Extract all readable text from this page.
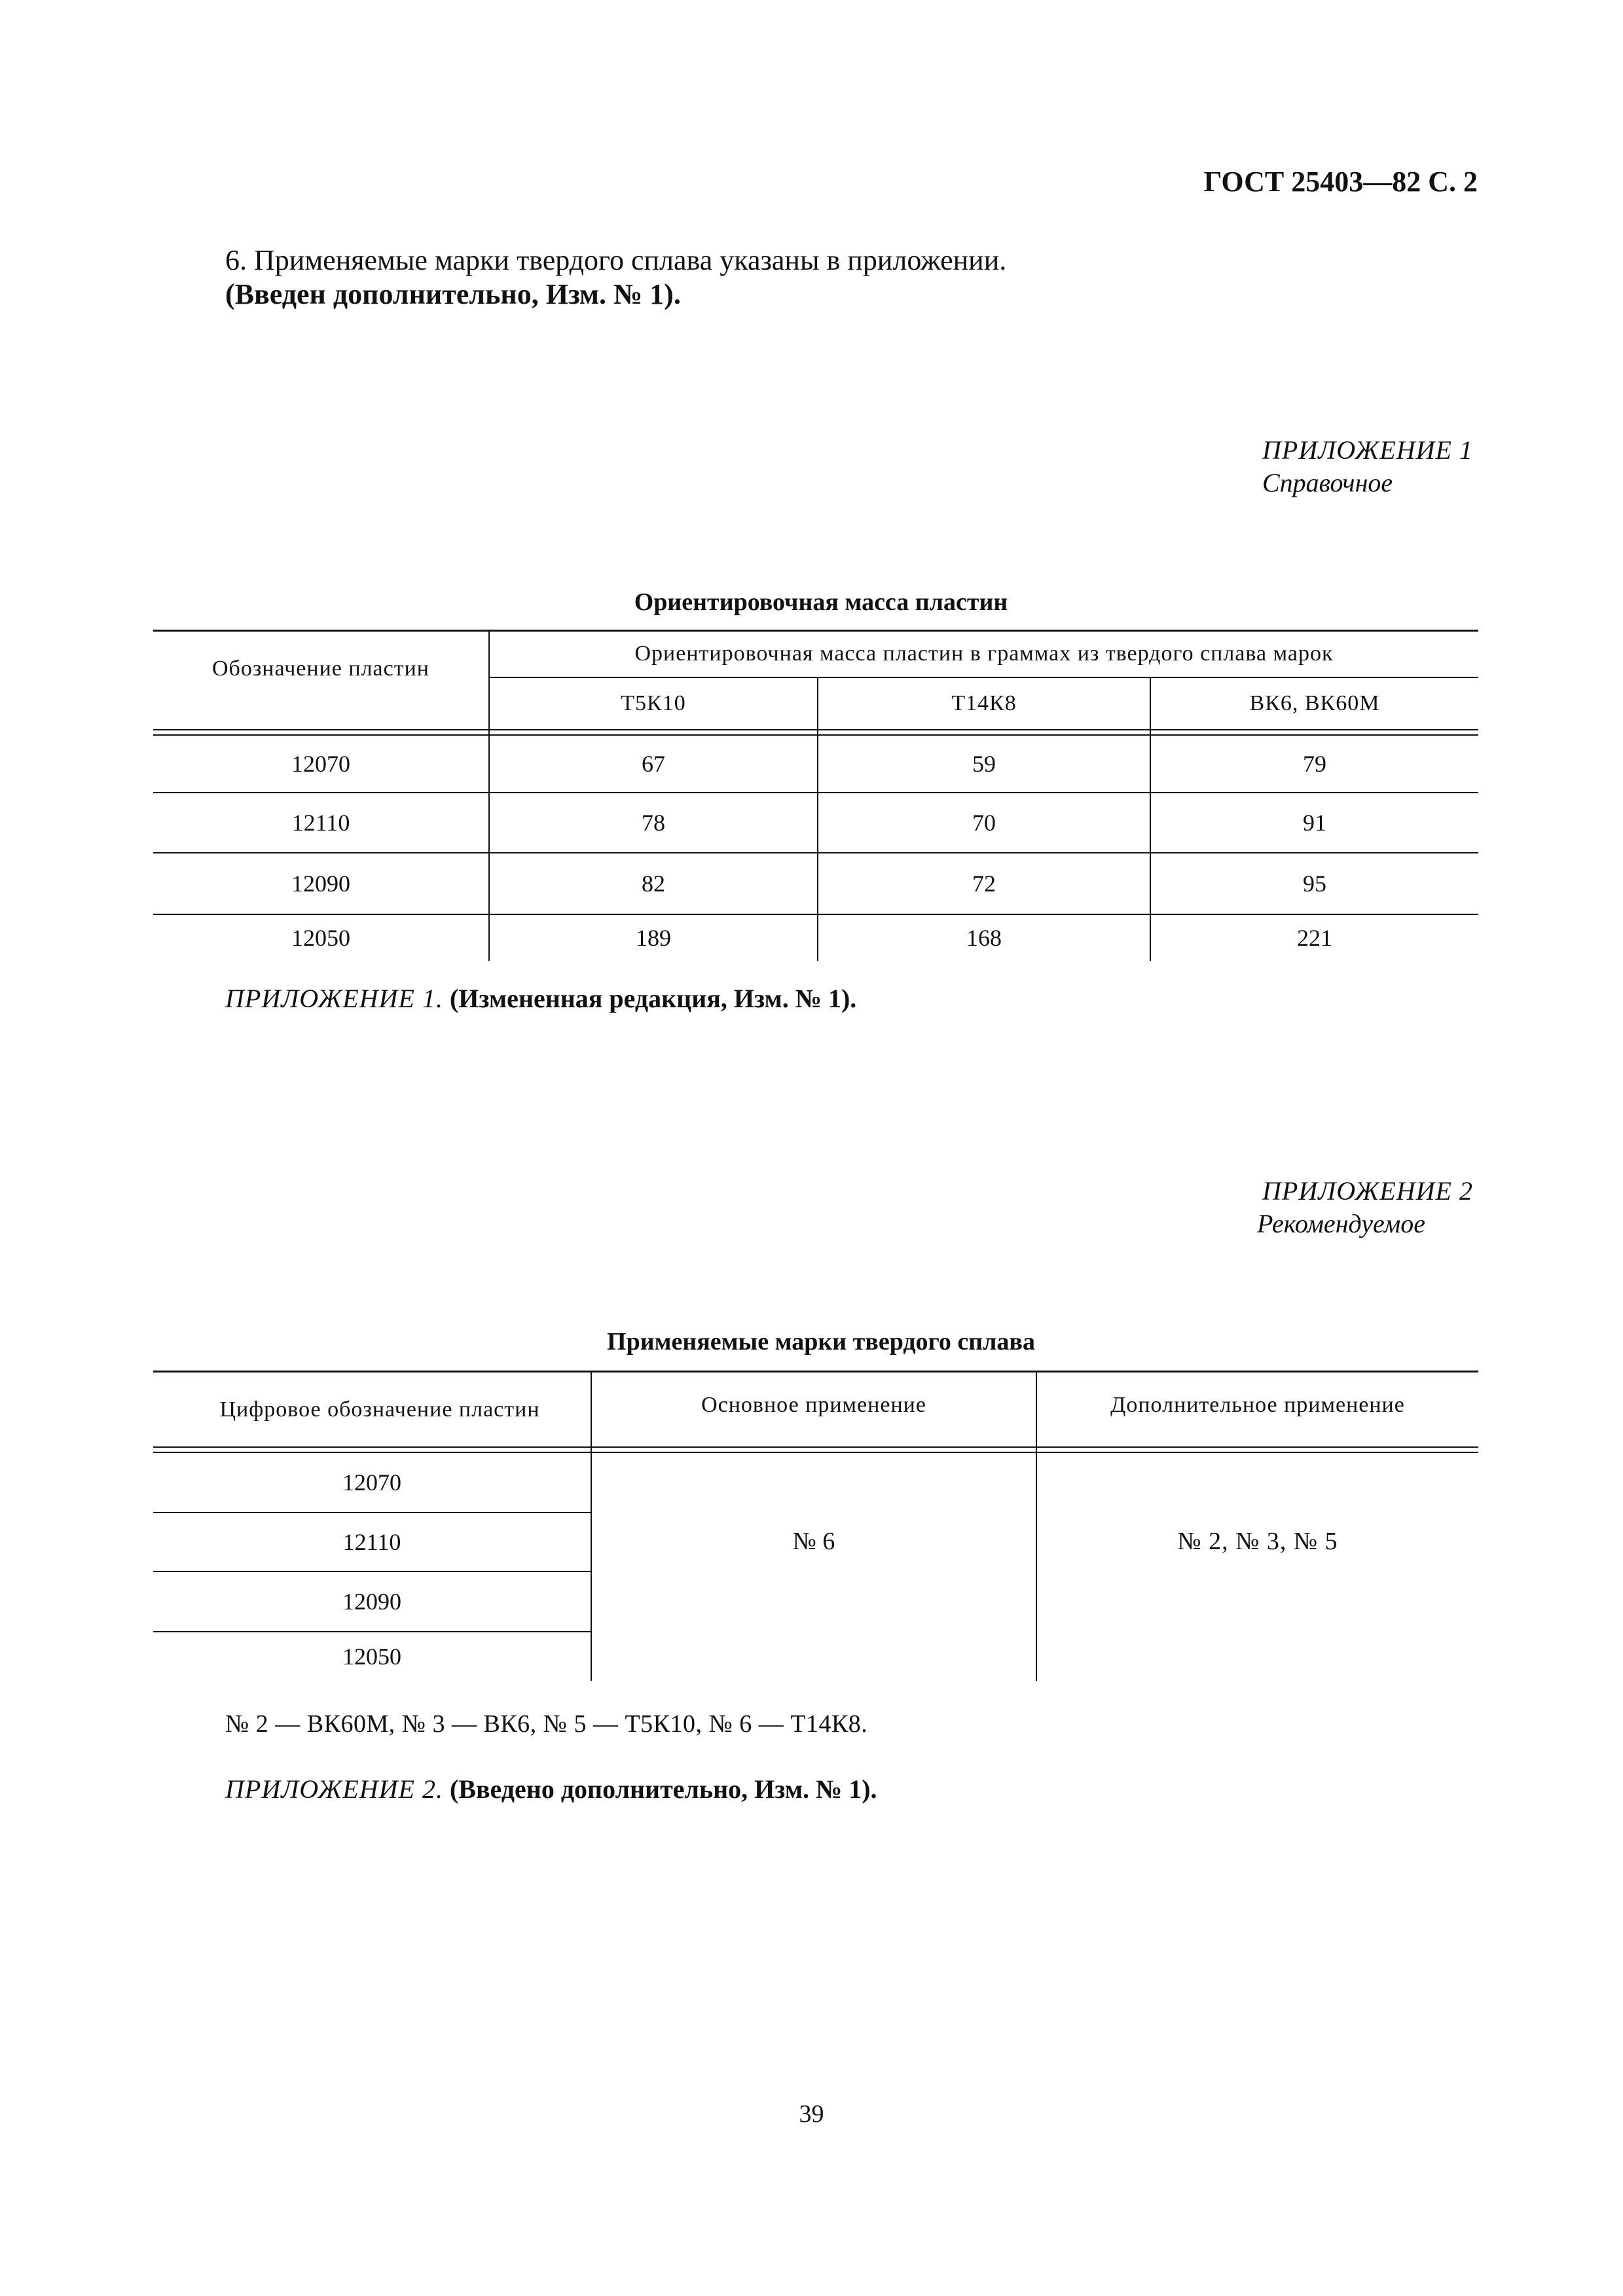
ГОСТ 25403—82 С. 2
6. Применяемые марки твердого сплава указаны в приложении.
(Введен дополнительно, Изм. № 1).
ПРИЛОЖЕНИЕ 1
Справочное
Ориентировочная масса пластин
Обозначение пластин
Ориентировочная масса пластин в граммах из твердого сплава марок
Т5К10	Т14К8	ВК6, ВК60М
12070	67	59	79
12110	78	70	91
12090	82	72	95
12050	189	168	221
ПРИЛОЖЕНИЕ 1. (Измененная редакция, Изм. № 1).
ПРИЛОЖЕНИЕ 2
Рекомендуемое
Применяемые марки твердого сплава
Цифровое обозначение пластин	Основное применение	Дополнительное применение
12070
12110
12090
12050
№ 6	№ 2, № 3, № 5
№ 2 — ВК60М, № 3 — ВК6, № 5 — Т5К10, № 6 — Т14К8.
ПРИЛОЖЕНИЕ 2. (Введено дополнительно, Изм. № 1).
39
